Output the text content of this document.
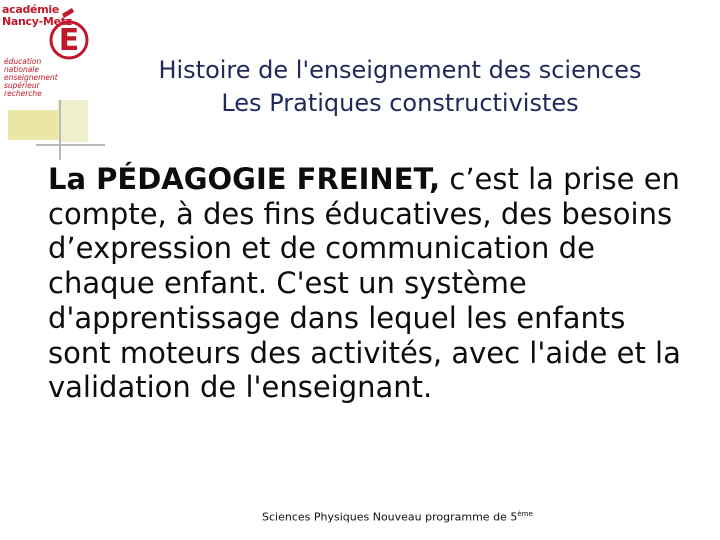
académie
Nancy-Metz
E
éducation
nationale
enseignement
supérieur
recherche
Histoire de l'enseignement des sciences
Les Pratiques constructivistes
La PÉDAGOGIE FREINET, c’est la prise en compte, à des fins éducatives, des besoins d’expression et de communication de chaque enfant. C'est un système d'apprentissage dans lequel les enfants sont moteurs des activités, avec l'aide et la validation de l'enseignant.
Sciences Physiques Nouveau programme de 5ème
